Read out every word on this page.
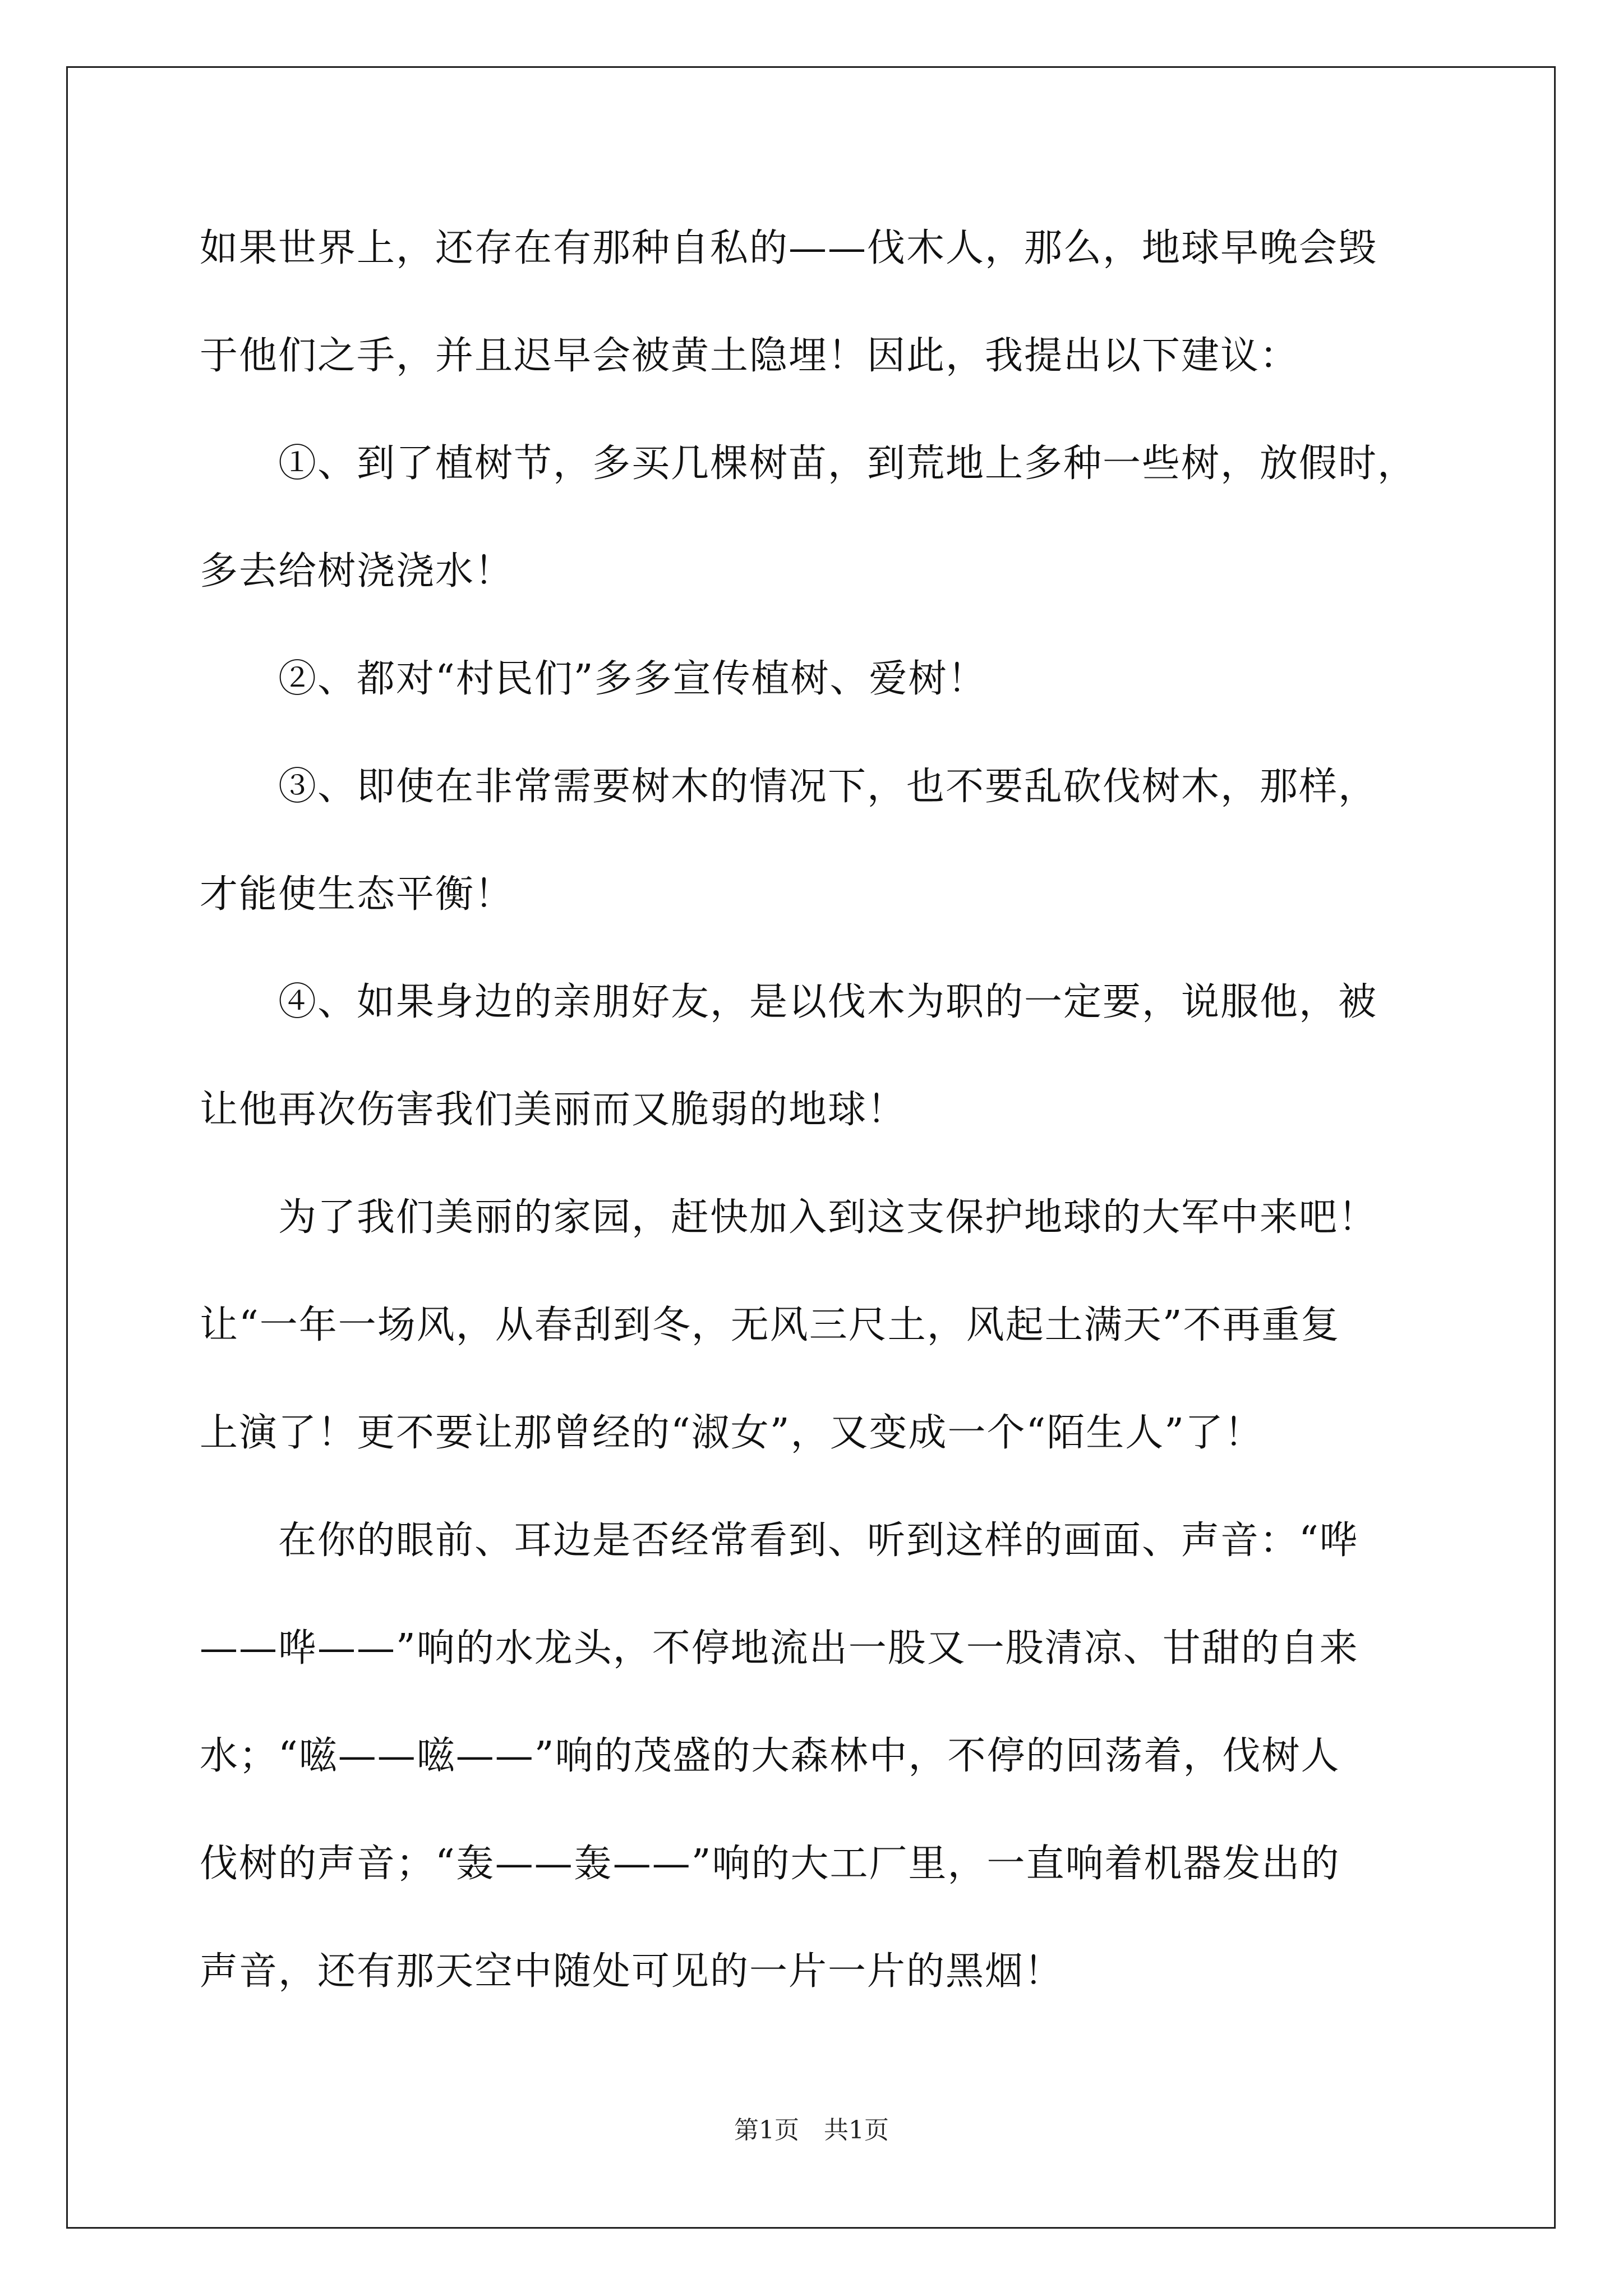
如果世界上，还存在有那种自私的——伐木人，那么，地球早晚会毁
于他们之手，并且迟早会被黄土隐埋！因此，我提出以下建议：
①、到了植树节，多买几棵树苗，到荒地上多种一些树，放假时，
多去给树浇浇水！
②、都对“村民们”多多宣传植树、爱树！
③、即使在非常需要树木的情况下，也不要乱砍伐树木，那样，
才能使生态平衡！
④、如果身边的亲朋好友，是以伐木为职的一定要，说服他，被
让他再次伤害我们美丽而又脆弱的地球！
为了我们美丽的家园，赶快加入到这支保护地球的大军中来吧！
让“一年一场风，从春刮到冬，无风三尺土，风起土满天”不再重复
上演了！更不要让那曾经的“淑女”，又变成一个“陌生人”了！
在你的眼前、耳边是否经常看到、听到这样的画面、声音：“哗
——哗——”响的水龙头，不停地流出一股又一股清凉、甘甜的自来
水；“嗞——嗞——”响的茂盛的大森林中，不停的回荡着，伐树人
伐树的声音；“轰——轰——”响的大工厂里，一直响着机器发出的
声音，还有那天空中随处可见的一片一片的黑烟！
第1页 共1页
